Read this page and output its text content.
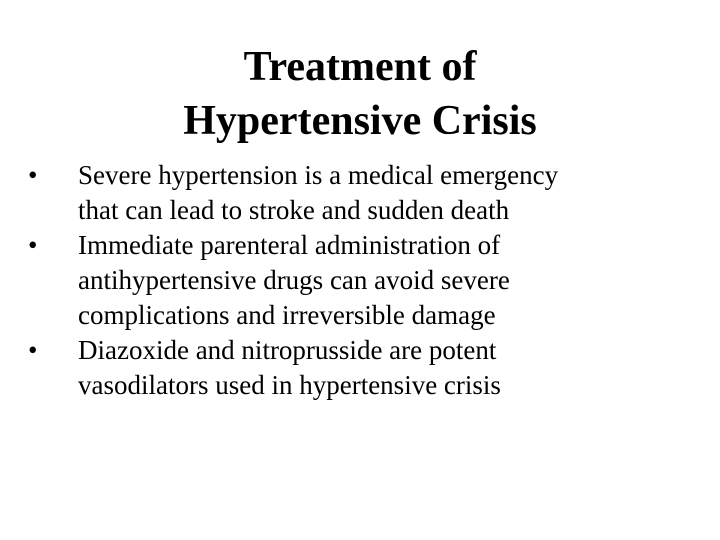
Treatment of
Hypertensive Crisis
•	Severe hypertension is a medical emergency
that can lead to stroke and sudden death
•	Immediate parenteral administration of
antihypertensive drugs can avoid severe
complications and irreversible damage
•	Diazoxide and nitroprusside are potent
vasodilators used in hypertensive crisis
